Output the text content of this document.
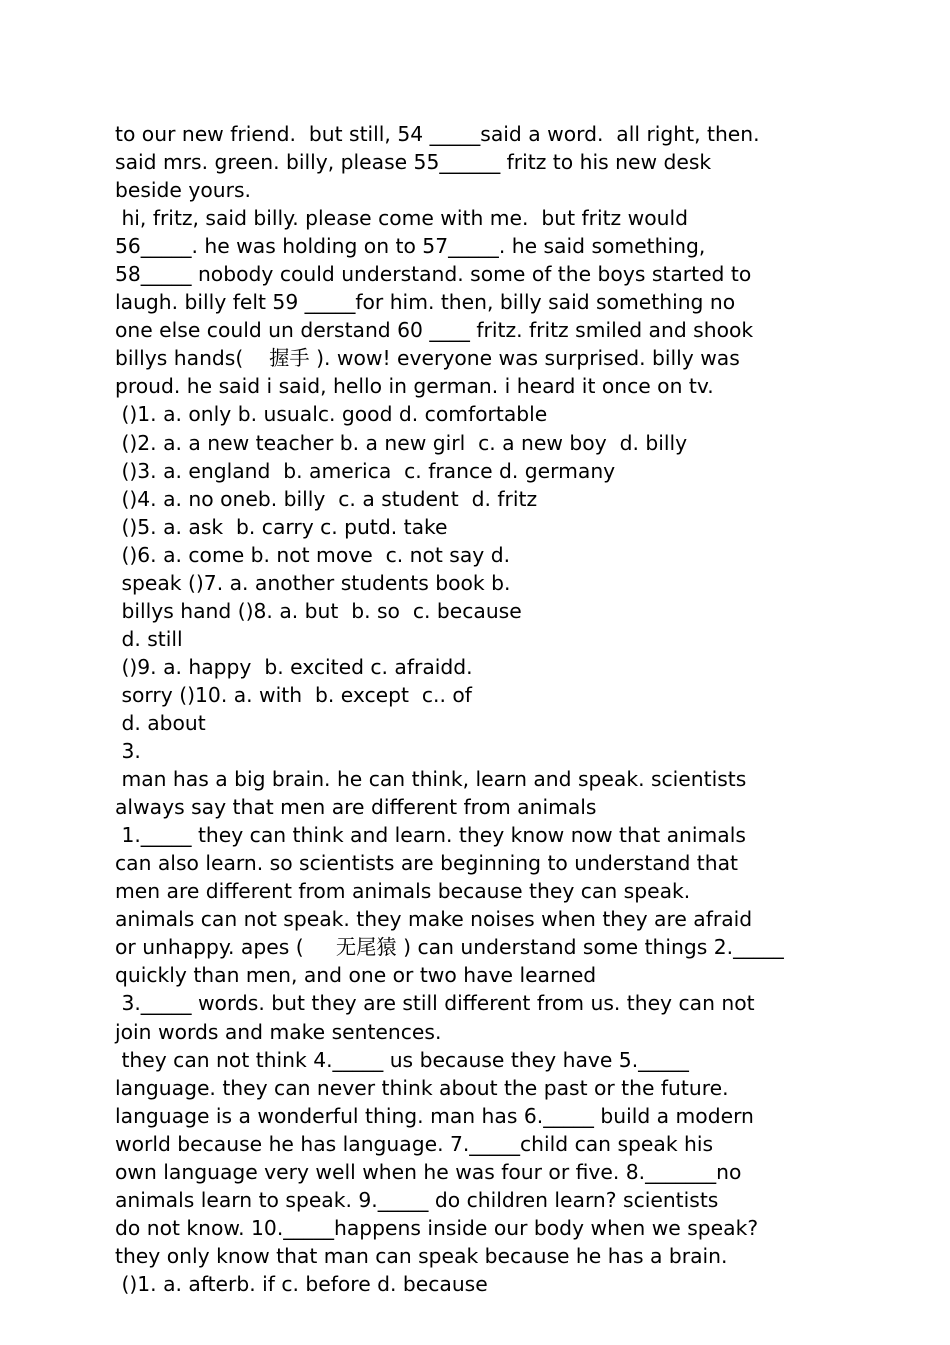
to our new friend.  but still, 54 _____said a word.  all right, then.
said mrs. green. billy, please 55______ fritz to his new desk
beside yours.
hi, fritz, said billy. please come with me.  but fritz would
56_____. he was holding on to 57_____. he said something,
58_____ nobody could understand. some of the boys started to
laugh. billy felt 59 _____for him. then, billy said something no
one else could un derstand 60 ____ fritz. fritz smiled and shook
billys hands(    握手 ). wow! everyone was surprised. billy was
proud. he said i said, hello in german. i heard it once on tv.
()1. a. only b. usualc. good d. comfortable
()2. a. a new teacher b. a new girl  c. a new boy  d. billy
()3. a. england  b. america  c. france d. germany
()4. a. no oneb. billy  c. a student  d. fritz
()5. a. ask  b. carry c. putd. take
()6. a. come b. not move  c. not say d.
speak ()7. a. another students book b.
billys hand ()8. a. but  b. so  c. because
d. still
()9. a. happy  b. excited c. afraidd.
sorry ()10. a. with  b. except  c.. of
d. about
3.
man has a big brain. he can think, learn and speak. scientists
always say that men are different from animals
1._____ they can think and learn. they know now that animals
can also learn. so scientists are beginning to understand that
men are different from animals because they can speak.
animals can not speak. they make noises when they are afraid
or unhappy. apes (     无尾猿 ) can understand some things 2._____
quickly than men, and one or two have learned
3._____ words. but they are still different from us. they can not
join words and make sentences.
they can not think 4._____ us because they have 5._____
language. they can never think about the past or the future.
language is a wonderful thing. man has 6._____ build a modern
world because he has language. 7._____child can speak his
own language very well when he was four or five. 8._______no
animals learn to speak. 9._____ do children learn? scientists
do not know. 10._____happens inside our body when we speak?
they only know that man can speak because he has a brain.
()1. a. afterb. if c. before d. because
